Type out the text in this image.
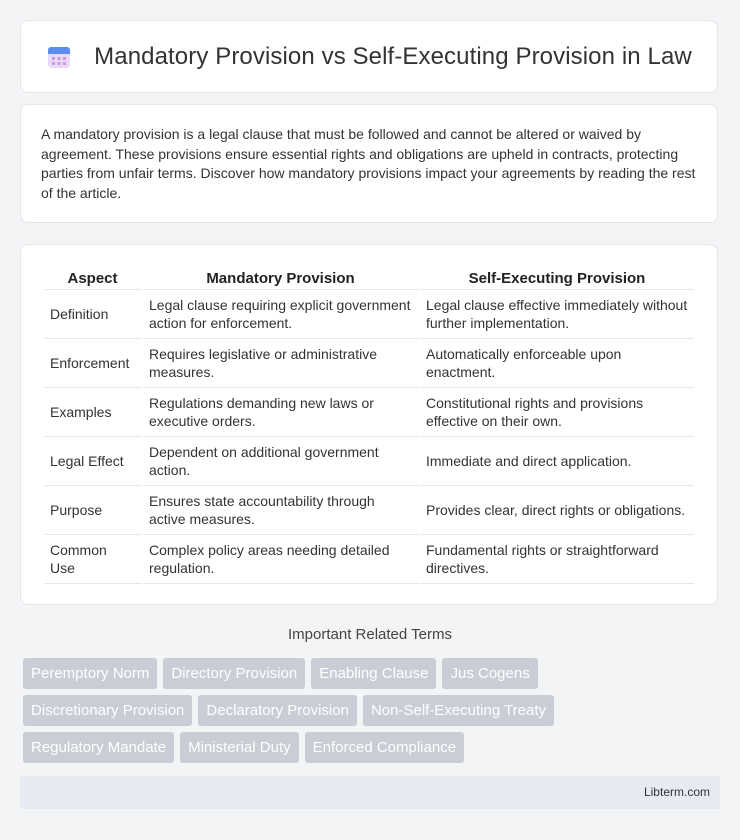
Mandatory Provision vs Self-Executing Provision in Law

A mandatory provision is a legal clause that must be followed and cannot be altered or waived by agreement. These provisions ensure essential rights and obligations are upheld in contracts, protecting parties from unfair terms. Discover how mandatory provisions impact your agreements by reading the rest of the article.

Aspect	Mandatory Provision	Self-Executing Provision
Definition	Legal clause requiring explicit government action for enforcement.	Legal clause effective immediately without further implementation.
Enforcement	Requires legislative or administrative measures.	Automatically enforceable upon enactment.
Examples	Regulations demanding new laws or executive orders.	Constitutional rights and provisions effective on their own.
Legal Effect	Dependent on additional government action.	Immediate and direct application.
Purpose	Ensures state accountability through active measures.	Provides clear, direct rights or obligations.
Common Use	Complex policy areas needing detailed regulation.	Fundamental rights or straightforward directives.
Important Related Terms
Peremptory Norm	Directory Provision	Enabling Clause	Jus Cogens
Discretionary Provision	Declaratory Provision	Non-Self-Executing Treaty
Regulatory Mandate	Ministerial Duty	Enforced Compliance
Libterm.com
